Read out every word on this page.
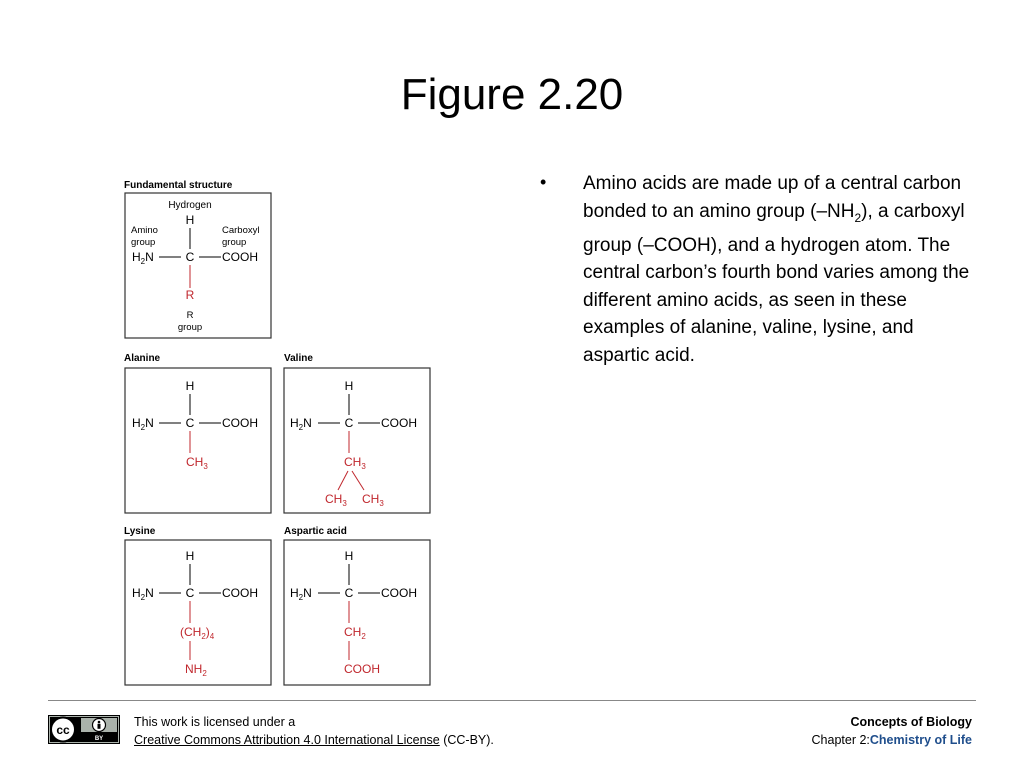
Figure 2.20
Fundamental structure
Hydrogen
H
Amino
group
Carboxyl
group
$H_2N$	C COOH
R
R
group
Alanine
H
$H_2N$	C COOH
$CH_3$
Valine
H
$H_2N$	C COOH
$CH_3$
$CH_3$ $CH_3$
Lysine
H
$H_2N$	C COOH
$(CH_2)_4$
$NH_2$
Aspartic acid
H
$H_2N$	C COOH
$CH_2$
COOH
• Amino acids are made up of a central carbon bonded to an amino group $(-NH_2)$, a carboxyl group (–COOH), and a hydrogen atom. The central carbon’s fourth bond varies among the different amino acids, as seen in these examples of alanine, valine, lysine, and aspartic acid.
cc
BY
This work is licensed under a
Creative Commons Attribution 4.0 International License (CC-BY).
Concepts of Biology
Chapter 2:Chemistry of Life
